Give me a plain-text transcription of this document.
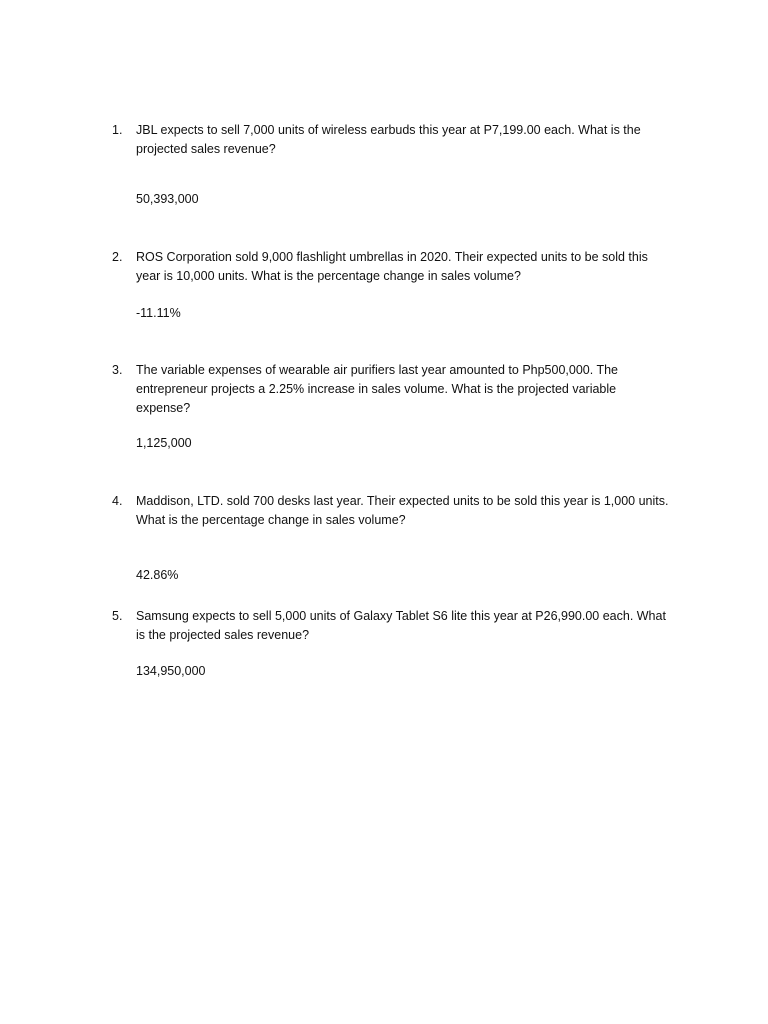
1.	JBL expects to sell 7,000 units of wireless earbuds this year at P7,199.00 each. What is the projected sales revenue?
50,393,000
2.	ROS Corporation sold 9,000 flashlight umbrellas in 2020. Their expected units to be sold this year is 10,000 units. What is the percentage change in sales volume?
-11.11%
3.	The variable expenses of wearable air purifiers last year amounted to Php500,000. The entrepreneur projects a 2.25% increase in sales volume. What is the projected variable expense?
1,125,000
4.	Maddison, LTD. sold 700 desks last year. Their expected units to be sold this year is 1,000 units. What is the percentage change in sales volume?
42.86%
5.	Samsung expects to sell 5,000 units of Galaxy Tablet S6 lite this year at P26,990.00 each. What is the projected sales revenue?
134,950,000
